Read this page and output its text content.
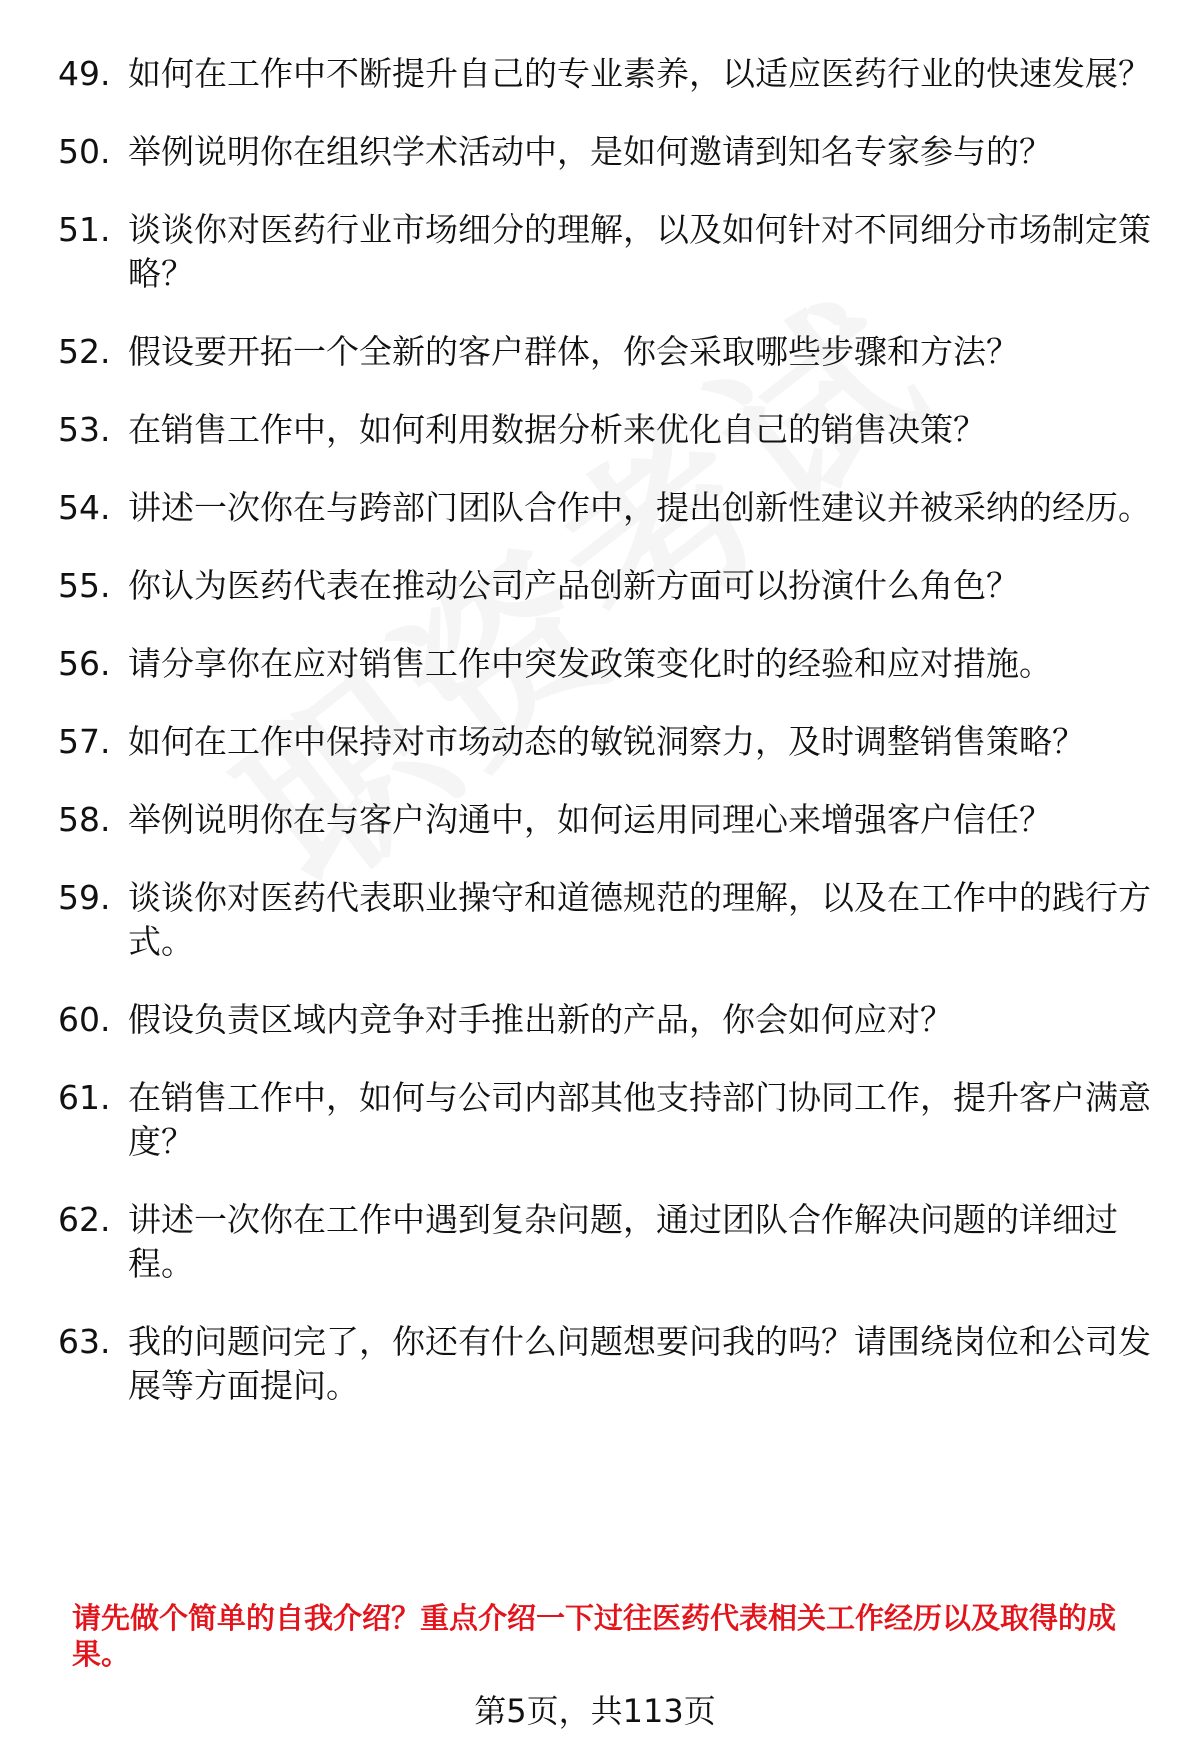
49. 如何在工作中不断提升自己的专业素养，以适应医药行业的快速发展？
50. 举例说明你在组织学术活动中，是如何邀请到知名专家参与的？
51. 谈谈你对医药行业市场细分的理解，以及如何针对不同细分市场制定策略？
52. 假设要开拓一个全新的客户群体，你会采取哪些步骤和方法？
53. 在销售工作中，如何利用数据分析来优化自己的销售决策？
54. 讲述一次你在与跨部门团队合作中，提出创新性建议并被采纳的经历。
55. 你认为医药代表在推动公司产品创新方面可以扮演什么角色？
56. 请分享你在应对销售工作中突发政策变化时的经验和应对措施。
57. 如何在工作中保持对市场动态的敏锐洞察力，及时调整销售策略？
58. 举例说明你在与客户沟通中，如何运用同理心来增强客户信任？
59. 谈谈你对医药代表职业操守和道德规范的理解，以及在工作中的践行方式。
60. 假设负责区域内竞争对手推出新的产品，你会如何应对？
61. 在销售工作中，如何与公司内部其他支持部门协同工作，提升客户满意度？
62. 讲述一次你在工作中遇到复杂问题，通过团队合作解决问题的详细过程。
63. 我的问题问完了，你还有什么问题想要问我的吗？请围绕岗位和公司发展等方面提问。
请先做个简单的自我介绍？重点介绍一下过往医药代表相关工作经历以及取得的成果。
第5页，共113页
